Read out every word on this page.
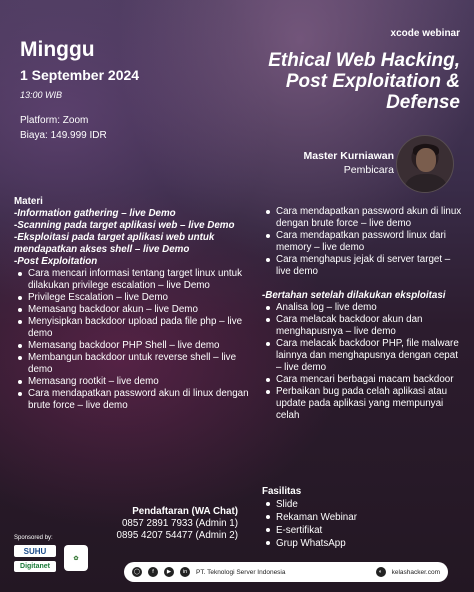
xcode webinar
Minggu
1 September 2024
13:00 WIB
Platform: Zoom
Biaya: 149.999 IDR
Ethical Web Hacking,
Post Exploitation &
Defense
Master Kurniawan
Pembicara
Materi
-Information gathering – live Demo
-Scanning pada target aplikasi web – live Demo
-Eksploitasi pada target aplikasi web untuk mendapatkan akses shell – live Demo
-Post Exploitation
Cara mencari informasi tentang target linux untuk dilakukan privilege escalation – live Demo
Privilege Escalation – live Demo
Memasang backdoor akun – live Demo
Menyisipkan backdoor upload pada file php – live demo
Memasang backdoor PHP Shell – live demo
Membangun backdoor untuk reverse shell – live demo
Memasang rootkit – live demo
Cara mendapatkan password akun di linux dengan brute force – live demo
Cara mendapatkan password akun di linux dengan brute force – live demo
Cara mendapatkan password linux dari memory – live demo
Cara menghapus jejak di server target – live demo
-Bertahan setelah dilakukan eksploitasi
Analisa log – live demo
Cara melacak backdoor akun dan menghapusnya – live demo
Cara melacak backdoor PHP, file malware lainnya dan menghapusnya dengan cepat – live demo
Cara mencari berbagai macam backdoor
Perbaikan bug pada celah aplikasi atau update pada aplikasi yang mempunyai celah
Fasilitas
Slide
Rekaman Webinar
E-sertifikat
Grup WhatsApp
Pendaftaran (WA Chat)
0857 2891 7933 (Admin 1)
0895 4207 54477 (Admin 2)
Sponsored by:
SUHU
Digitanet
✿
◯	f	▶	in	PT. Teknologi Server Indonesia	◐	kelashacker.com
